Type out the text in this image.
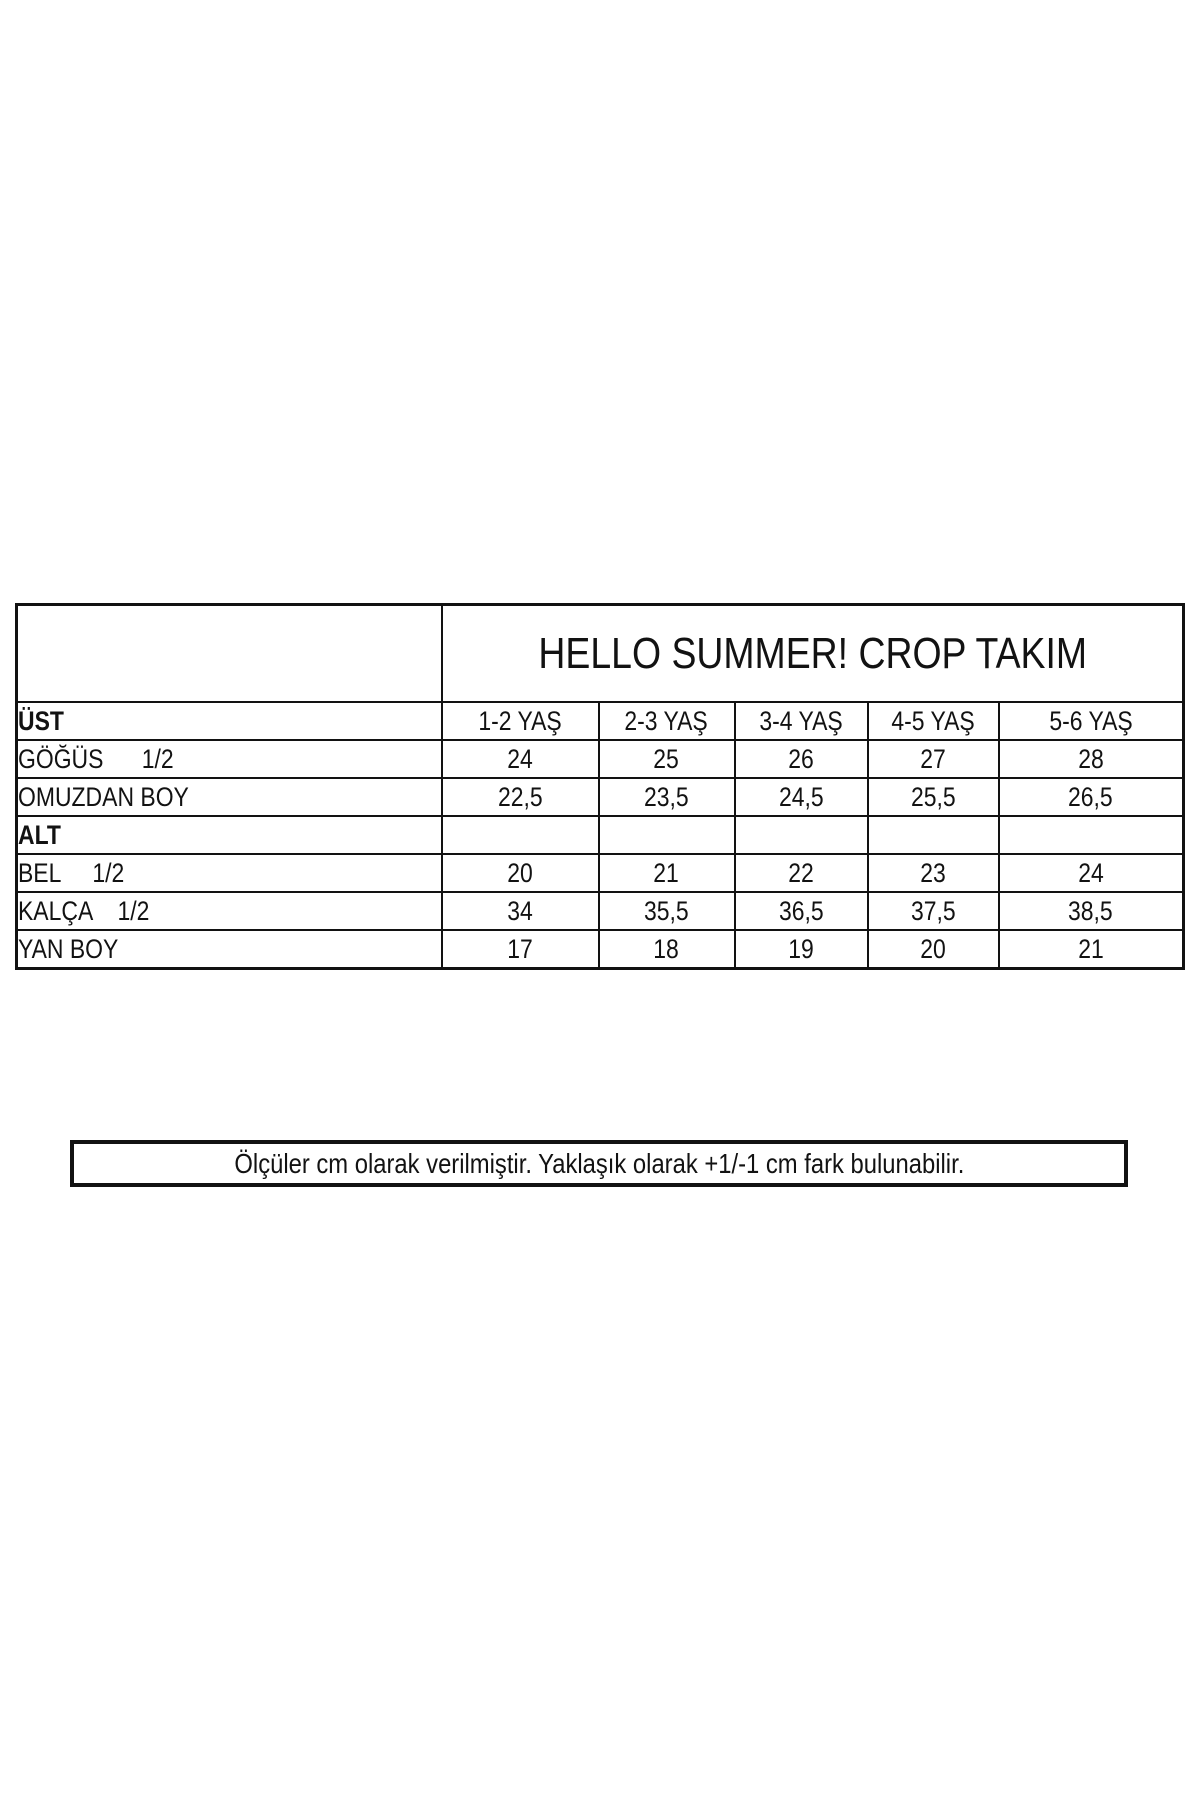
	HELLO SUMMER! CROP TAKIM				
ÜST	1-2 YAŞ	2-3 YAŞ	3-4 YAŞ	4-5 YAŞ	5-6 YAŞ
GÖĞÜS      1/2	24	25	26	27	28
OMUZDAN BOY	22,5	23,5	24,5	25,5	26,5
ALT					
BEL     1/2	20	21	22	23	24
KALÇA    1/2	34	35,5	36,5	37,5	38,5
YAN BOY	17	18	19	20	21
Ölçüler cm olarak verilmiştir. Yaklaşık olarak +1/-1 cm fark bulunabilir.
